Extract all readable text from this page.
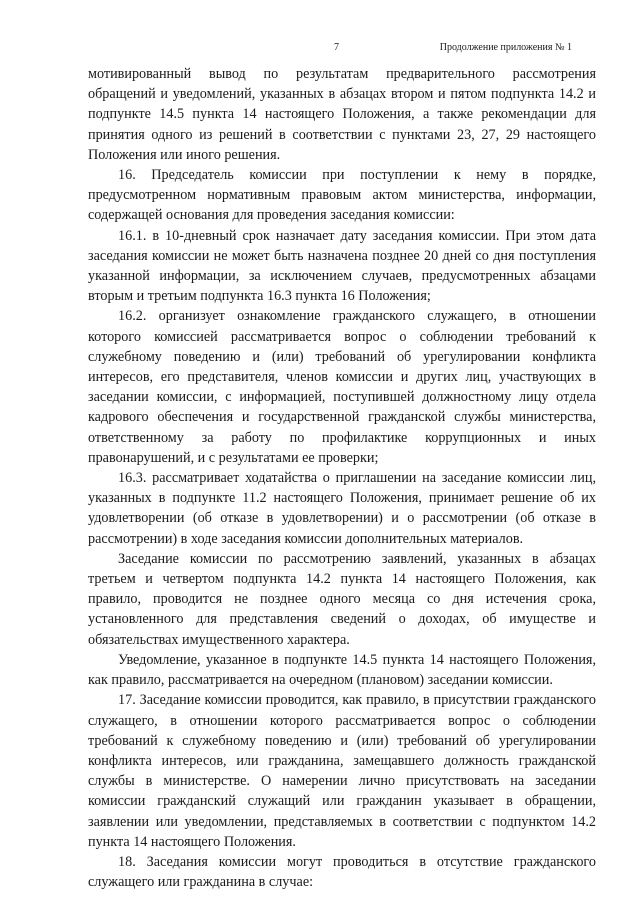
7	Продолжение приложения № 1

мотивированный вывод по результатам предварительного рассмотрения обращений и уведомлений, указанных в абзацах втором и пятом подпункта 14.2 и подпункте 14.5 пункта 14 настоящего Положения, а также рекомендации для принятия одного из решений в соответствии с пунктами 23, 27, 29 настоящего Положения или иного решения.

16. Председатель комиссии при поступлении к нему в порядке, предусмотренном нормативным правовым актом министерства, информации, содержащей основания для проведения заседания комиссии:

16.1. в 10-дневный срок назначает дату заседания комиссии. При этом дата заседания комиссии не может быть назначена позднее 20 дней со дня поступления указанной информации, за исключением случаев, предусмотренных абзацами вторым и третьим подпункта 16.3 пункта 16 Положения;

16.2. организует ознакомление гражданского служащего, в отношении которого комиссией рассматривается вопрос о соблюдении требований к служебному поведению и (или) требований об урегулировании конфликта интересов, его представителя, членов комиссии и других лиц, участвующих в заседании комиссии, с информацией, поступившей должностному лицу отдела кадрового обеспечения и государственной гражданской службы министерства, ответственному за работу по профилактике коррупционных и иных правонарушений, и с результатами ее проверки;

16.3. рассматривает ходатайства о приглашении на заседание комиссии лиц, указанных в подпункте 11.2 настоящего Положения, принимает решение об их удовлетворении (об отказе в удовлетворении) и о рассмотрении (об отказе в рассмотрении) в ходе заседания комиссии дополнительных материалов.

Заседание комиссии по рассмотрению заявлений, указанных в абзацах третьем и четвертом подпункта 14.2 пункта 14 настоящего Положения, как правило, проводится не позднее одного месяца со дня истечения срока, установленного для представления сведений о доходах, об имуществе и обязательствах имущественного характера.

Уведомление, указанное в подпункте 14.5 пункта 14 настоящего Положения, как правило, рассматривается на очередном (плановом) заседании комиссии.

17. Заседание комиссии проводится, как правило, в присутствии гражданского служащего, в отношении которого рассматривается вопрос о соблюдении требований к служебному поведению и (или) требований об урегулировании конфликта интересов, или гражданина, замещавшего должность гражданской службы в министерстве. О намерении лично присутствовать на заседании комиссии гражданский служащий или гражданин указывает в обращении, заявлении или уведомлении, представляемых в соответствии с подпунктом 14.2 пункта 14 настоящего Положения.

18. Заседания комиссии могут проводиться в отсутствие гражданского служащего или гражданина в случае:
